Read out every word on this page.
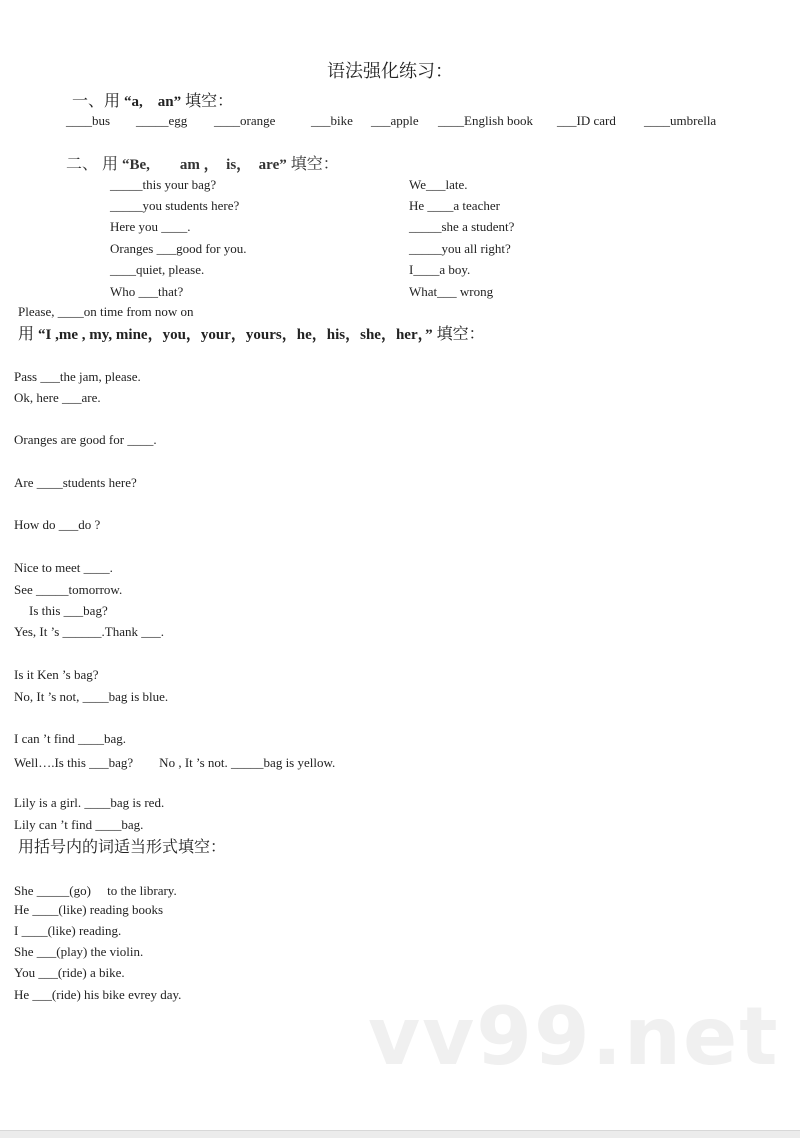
语法强化练习：
一、用 “a,　an” 填空：
____bus _____egg ____orange	___bike ___apple ____English book ___ID card ____umbrella
二、 用 “Be,　　am ，　is，　are” 填空：
_____this your bag?
_____you students here?
Here you ____.
Oranges ___good for you.
____quiet, please.
Who ___that?
We___late.
He ____a teacher
_____she a student?
_____you all right?
I____a boy.
What___ wrong
Please, ____on time from now on
用 “I ,me , my, mine，you，your，yours，he，his，she，her，” 填空：
Pass ___the jam, please.
Ok, here ___are.
Oranges are good for ____.
Are ____students here?
How do ___do ?
Nice to meet ____.
See _____tomorrow.
Is this ___bag?
Yes, It ’s ______.Thank ___.
Is it Ken ’s bag?
No, It ’s not, ____bag is blue.
I can ’t find ____bag.
Well….Is this ___bag?　　No , It ’s not. _____bag is yellow.
Lily is a girl. ____bag is red.
Lily can ’t find ____bag.
用括号内的词适当形式填空：
She _____(go)　 to the library.
He ____(like) reading books
I ____(like) reading.
She ___(play) the violin.
You ___(ride) a bike.
He ___(ride) his bike evrey day. vv99.net
